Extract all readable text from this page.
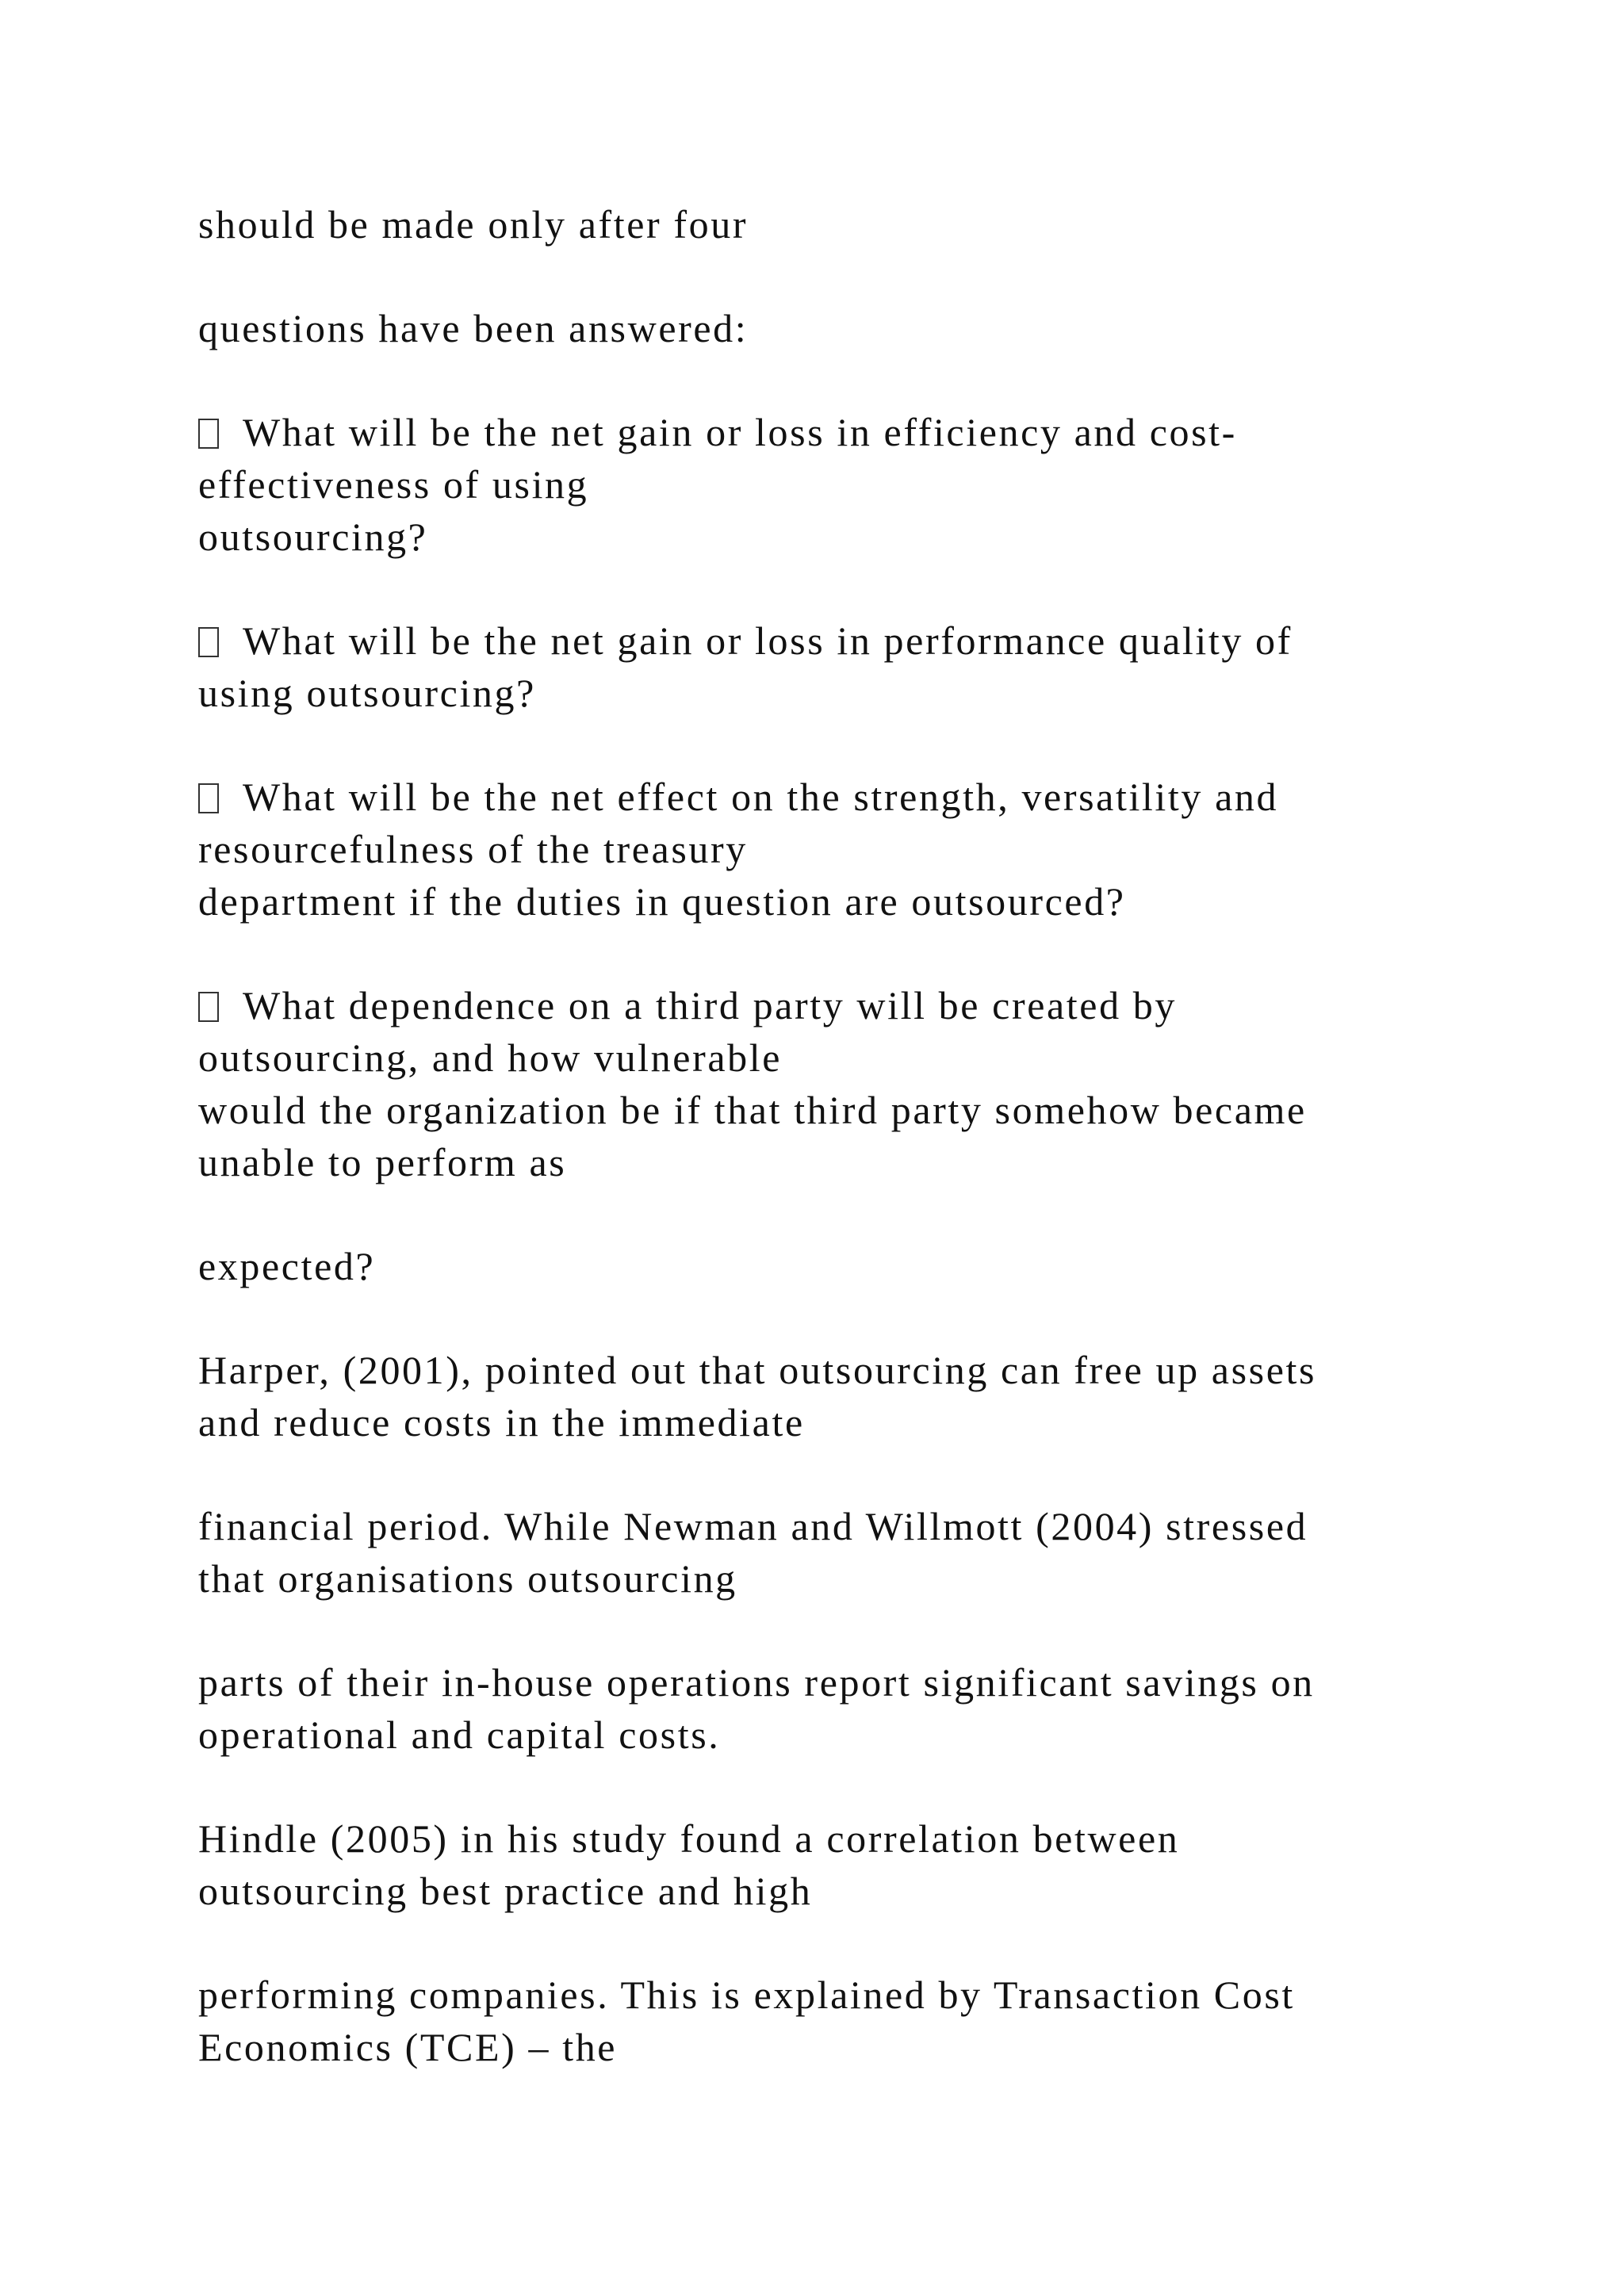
should be made only after four

questions have been answered:

What will be the net gain or loss in efficiency and cost-
effectiveness of using
outsourcing?

What will be the net gain or loss in performance quality of
using outsourcing?

What will be the net effect on the strength, versatility and
resourcefulness of the treasury
department if the duties in question are outsourced?

What dependence on a third party will be created by
outsourcing, and how vulnerable
would the organization be if that third party somehow became
unable to perform as

expected?

Harper, (2001), pointed out that outsourcing can free up assets
and reduce costs in the immediate

financial period. While Newman and Willmott (2004) stressed
that organisations outsourcing

parts of their in-house operations report significant savings on
operational and capital costs.

Hindle (2005) in his study found a correlation between
outsourcing best practice and high

performing companies. This is explained by Transaction Cost
Economics (TCE) – the
